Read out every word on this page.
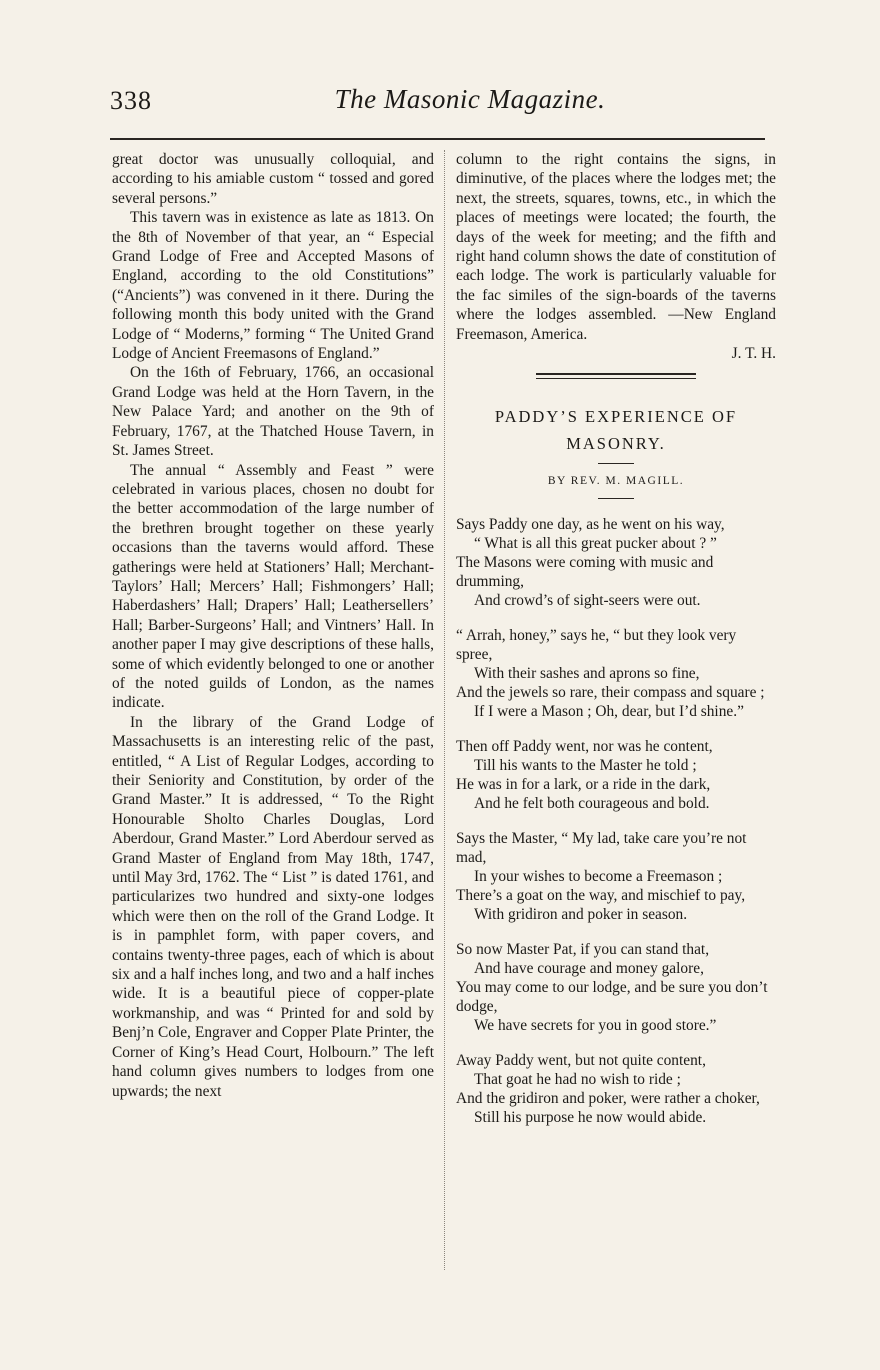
338	The Masonic Magazine.

great doctor was unusually colloquial, and according to his amiable custom “ tossed and gored several persons.”

This tavern was in existence as late as 1813. On the 8th of November of that year, an “ Especial Grand Lodge of Free and Accepted Masons of England, according to the old Constitutions” (“Ancients”) was convened in it there. During the following month this body united with the Grand Lodge of “ Moderns,” forming “ The United Grand Lodge of Ancient Freemasons of England.”

On the 16th of February, 1766, an occasional Grand Lodge was held at the Horn Tavern, in the New Palace Yard; and another on the 9th of February, 1767, at the Thatched House Tavern, in St. James Street.

The annual “ Assembly and Feast ” were celebrated in various places, chosen no doubt for the better accommodation of the large number of the brethren brought together on these yearly occasions than the taverns would afford. These gatherings were held at Stationers’ Hall; Merchant-Taylors’ Hall; Mercers’ Hall; Fishmongers’ Hall; Haberdashers’ Hall; Drapers’ Hall; Leathersellers’ Hall; Barber-Surgeons’ Hall; and Vintners’ Hall. In another paper I may give descriptions of these halls, some of which evidently belonged to one or another of the noted guilds of London, as the names indicate.

In the library of the Grand Lodge of Massachusetts is an interesting relic of the past, entitled, “ A List of Regular Lodges, according to their Seniority and Constitution, by order of the Grand Master.” It is addressed, “ To the Right Honourable Sholto Charles Douglas, Lord Aberdour, Grand Master.” Lord Aberdour served as Grand Master of England from May 18th, 1747, until May 3rd, 1762. The “ List ” is dated 1761, and particularizes two hundred and sixty-one lodges which were then on the roll of the Grand Lodge. It is in pamphlet form, with paper covers, and contains twenty-three pages, each of which is about six and a half inches long, and two and a half inches wide. It is a beautiful piece of copper-plate workmanship, and was “ Printed for and sold by Benj’n Cole, Engraver and Copper Plate Printer, the Corner of King’s Head Court, Holbourn.” The left hand column gives numbers to lodges from one upwards; the next

column to the right contains the signs, in diminutive, of the places where the lodges met; the next, the streets, squares, towns, etc., in which the places of meetings were located; the fourth, the days of the week for meeting; and the fifth and right hand column shows the date of constitution of each lodge. The work is particularly valuable for the fac similes of the sign-boards of the taverns where the lodges assembled. —New England Freemason, America.

J. T. H.

PADDY’S EXPERIENCE OF
MASONRY.
BY REV. M. MAGILL.
Says Paddy one day, as he went on his way,
“ What is all this great pucker about ? ”
The Masons were coming with music and drumming,
And crowd’s of sight-seers were out.
“ Arrah, honey,” says he, “ but they look very spree,
With their sashes and aprons so fine,
And the jewels so rare, their compass and square ;
If I were a Mason ; Oh, dear, but I’d shine.”
Then off Paddy went, nor was he content,
Till his wants to the Master he told ;
He was in for a lark, or a ride in the dark,
And he felt both courageous and bold.
Says the Master, “ My lad, take care you’re not mad,
In your wishes to become a Freemason ;
There’s a goat on the way, and mischief to pay,
With gridiron and poker in season.
So now Master Pat, if you can stand that,
And have courage and money galore,
You may come to our lodge, and be sure you don’t dodge,
We have secrets for you in good store.”
Away Paddy went, but not quite content,
That goat he had no wish to ride ;
And the gridiron and poker, were rather a choker,
Still his purpose he now would abide.
